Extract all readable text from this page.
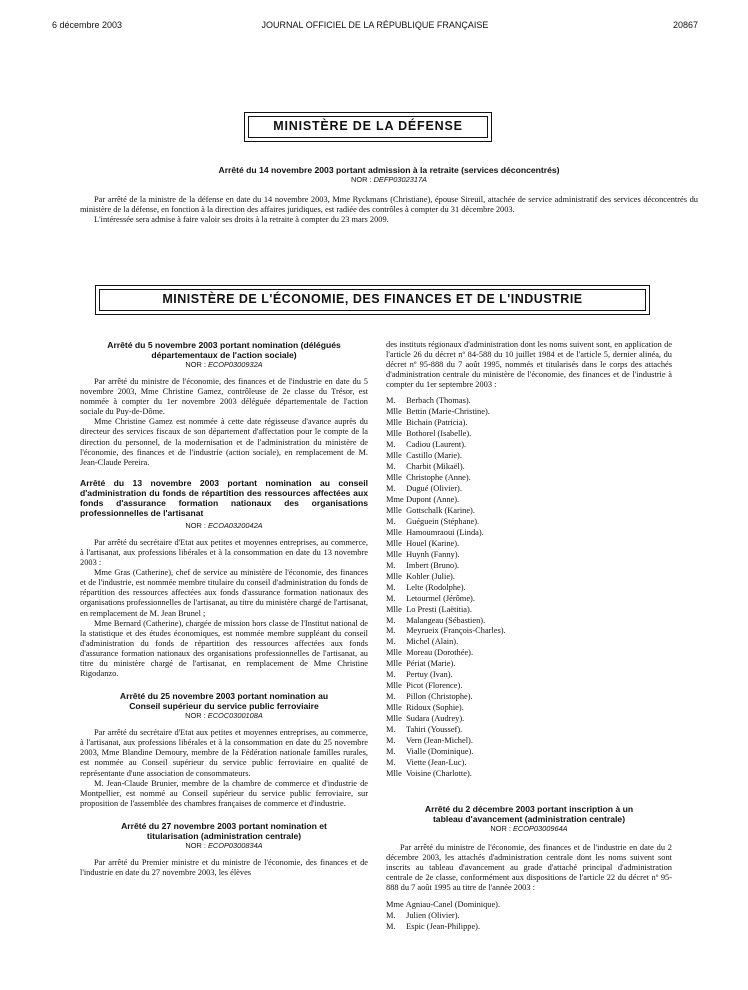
6 décembre 2003	JOURNAL OFFICIEL DE LA RÉPUBLIQUE FRANÇAISE	20867
MINISTÈRE DE LA DÉFENSE
Arrêté du 14 novembre 2003 portant admission à la retraite (services déconcentrés)
NOR : DEFP0302317A

Par arrêté de la ministre de la défense en date du 14 novembre 2003, Mme Ryckmans (Christiane), épouse Sireuil, attachée de service administratif des services déconcentrés du ministère de la défense, en fonction à la direction des affaires juridiques, est radiée des contrôles à compter du 31 décembre 2003.

L'intéressée sera admise à faire valoir ses droits à la retraite à compter du 23 mars 2009.

MINISTÈRE DE L'ÉCONOMIE, DES FINANCES ET DE L'INDUSTRIE
Arrêté du 5 novembre 2003 portant nomination (délégués départementaux de l'action sociale)
NOR : ECOP0300932A

Par arrêté du ministre de l'économie, des finances et de l'industrie en date du 5 novembre 2003, Mme Christine Gamez, contrôleuse de 2e classe du Trésor, est nommée à compter du 1er novembre 2003 déléguée départementale de l'action sociale du Puy-de-Dôme.

Mme Christine Gamez est nommée à cette date régisseuse d'avance auprès du directeur des services fiscaux de son département d'affectation pour le compte de la direction du personnel, de la modernisation et de l'administration du ministère de l'économie, des finances et de l'industrie (action sociale), en remplacement de M. Jean-Claude Pereira.

Arrêté du 13 novembre 2003 portant nomination au conseil d'administration du fonds de répartition des ressources affectées aux fonds d'assurance formation nationaux des organisations professionnelles de l'artisanat
NOR : ECOA0320042A

Par arrêté du secrétaire d'Etat aux petites et moyennes entreprises, au commerce, à l'artisanat, aux professions libérales et à la consommation en date du 13 novembre 2003 :

Mme Gras (Catherine), chef de service au ministère de l'économie, des finances et de l'industrie, est nommée membre titulaire du conseil d'administration du fonds de répartition des ressources affectées aux fonds d'assurance formation nationaux des organisations professionnelles de l'artisanat, au titre du ministère chargé de l'artisanat, en remplacement de M. Jean Brunel ;

Mme Bernard (Catherine), chargée de mission hors classe de l'Institut national de la statistique et des études économiques, est nommée membre suppléant du conseil d'administration du fonds de répartition des ressources affectées aux fonds d'assurance formation nationaux des organisations professionnelles de l'artisanat, au titre du ministère chargé de l'artisanat, en remplacement de Mme Christine Rigodanzo.

Arrêté du 25 novembre 2003 portant nomination au Conseil supérieur du service public ferroviaire
NOR : ECOC0300108A

Par arrêté du secrétaire d'Etat aux petites et moyennes entreprises, au commerce, à l'artisanat, aux professions libérales et à la consommation en date du 25 novembre 2003, Mme Blandine Demoury, membre de la Fédération nationale familles rurales, est nommée au Conseil supérieur du service public ferroviaire en qualité de représentante d'une association de consommateurs.

M. Jean-Claude Brunier, membre de la chambre de commerce et d'industrie de Montpellier, est nommé au Conseil supérieur du service public ferroviaire, sur proposition de l'assemblée des chambres françaises de commerce et d'industrie.

Arrêté du 27 novembre 2003 portant nomination et titularisation (administration centrale)
NOR : ECOP0300834A

Par arrêté du Premier ministre et du ministre de l'économie, des finances et de l'industrie en date du 27 novembre 2003, les élèves

des instituts régionaux d'administration dont les noms suivent sont, en application de l'article 26 du décret nº 84-588 du 10 juillet 1984 et de l'article 5, dernier alinéa, du décret nº 95-888 du 7 août 1995, nommés et titularisés dans le corps des attachés d'administration centrale du ministère de l'économie, des finances et de l'industrie à compter du 1er septembre 2003 :

M. Berbach (Thomas).
Mlle Bettin (Marie-Christine).
Mlle Bichain (Patricia).
Mlle Bothorel (Isabelle).
M. Cadiou (Laurent).
Mlle Castillo (Marie).
M. Charbit (Mikaël).
Mlle Christophe (Anne).
M. Dugué (Olivier).
Mme Dupont (Anne).
Mlle Gottschalk (Karine).
M. Guéguein (Stéphane).
Mlle Hamoumraoui (Linda).
Mlle Houel (Karine).
Mlle Huynh (Fanny).
M. Imbert (Bruno).
Mlle Kohler (Julie).
M. Lelte (Rodolphe).
M. Letourmel (Jérôme).
Mlle Lo Presti (Laëtitia).
M. Malangeau (Sébastien).
M. Meyrueix (François-Charles).
M. Michel (Alain).
Mlle Moreau (Dorothée).
Mlle Périat (Marie).
M. Pertuy (Ivan).
Mlle Picot (Florence).
M. Pillon (Christophe).
Mlle Ridoux (Sophie).
Mlle Sudara (Audrey).
M. Tahiri (Youssef).
M. Vern (Jean-Michel).
M. Vialle (Dominique).
M. Viette (Jean-Luc).
Mlle Voisine (Charlotte).
Arrêté du 2 décembre 2003 portant inscription à un tableau d'avancement (administration centrale)
NOR : ECOP0300964A

Par arrêté du ministre de l'économie, des finances et de l'industrie en date du 2 décembre 2003, les attachés d'administration centrale dont les noms suivent sont inscrits au tableau d'avancement au grade d'attaché principal d'administration centrale de 2e classe, conformément aux dispositions de l'article 22 du décret nº 95-888 du 7 août 1995 au titre de l'année 2003 :

Mme Agniau-Canel (Dominique).
M. Julien (Olivier).
M. Espic (Jean-Philippe).
